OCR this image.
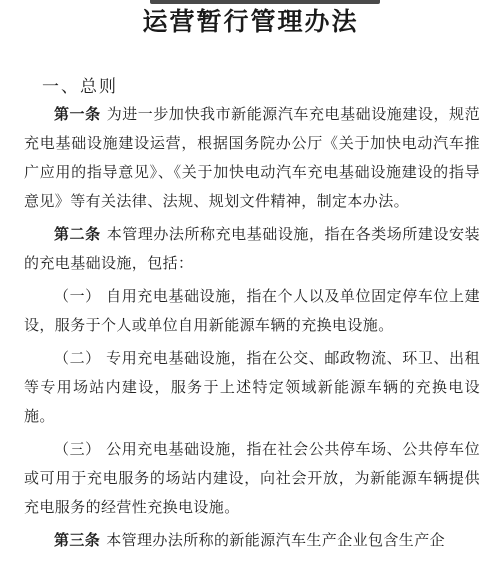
运营暂行管理办法
一、总则

第一条 为进一步加快我市新能源汽车充电基础设施建设，规范充电基础设施建设运营，根据国务院办公厅《关于加快电动汽车推广应用的指导意见》、《关于加快电动汽车充电基础设施建设的指导意见》等有关法律、法规、规划文件精神，制定本办法。

第二条 本管理办法所称充电基础设施，指在各类场所建设安装的充电基础设施，包括：

（一） 自用充电基础设施，指在个人以及单位固定停车位上建设，服务于个人或单位自用新能源车辆的充换电设施。

（二） 专用充电基础设施，指在公交、邮政物流、环卫、出租等专用场站内建设，服务于上述特定领域新能源车辆的充换电设施。

（三） 公用充电基础设施，指在社会公共停车场、公共停车位或可用于充电服务的场站内建设，向社会开放，为新能源车辆提供充电服务的经营性充换电设施。

第三条 本管理办法所称的新能源汽车生产企业包含生产企
